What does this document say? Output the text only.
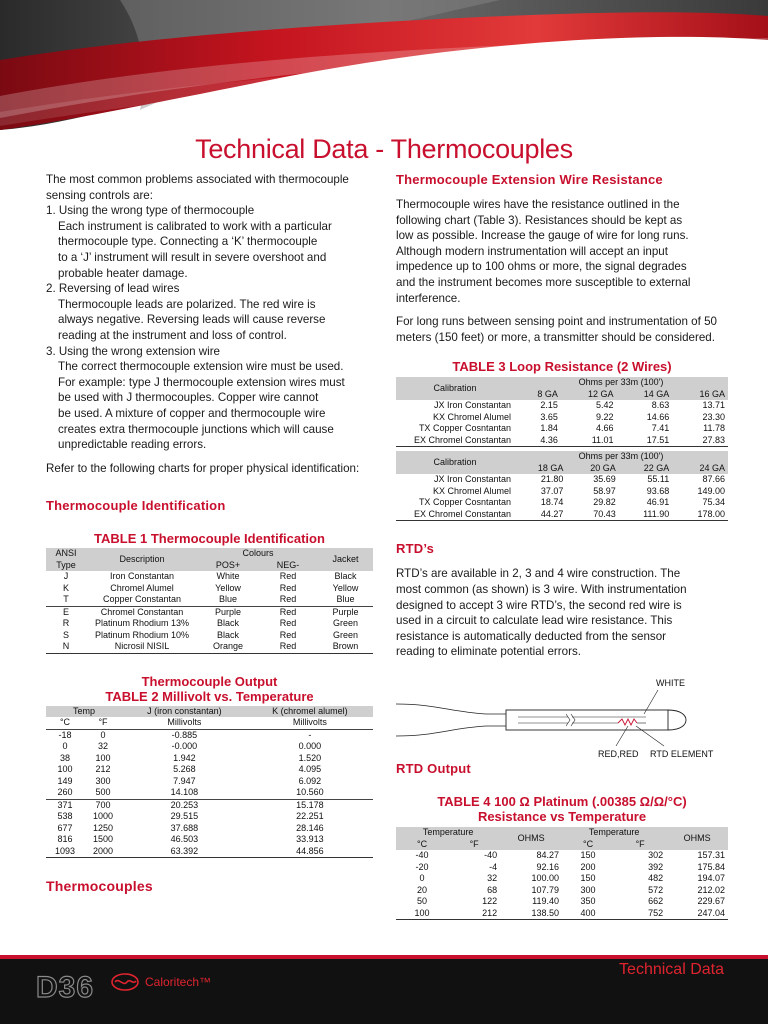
Technical Data - Thermocouples

The most common problems associated with thermocouple sensing controls are:

1. Using the wrong type of thermocouple

Each instrument is calibrated to work with a particular

thermocouple type. Connecting a ‘K’ thermocouple

to a ‘J’ instrument will result in severe overshoot and

probable heater damage.

2. Reversing of lead wires

Thermocouple leads are polarized. The red wire is

always negative. Reversing leads will cause reverse

reading at the instrument and loss of control.

3. Using the wrong extension wire

The correct thermocouple extension wire must be used.

For example: type J thermocouple extension wires must

be used with J thermocouples. Copper wire cannot

be used. A mixture of copper and thermocouple wire

creates extra thermocouple junctions which will cause

unpredictable reading errors.

Refer to the following charts for proper physical identification:

Thermocouple Identification
TABLE 1 Thermocouple Identification
ANSI	Description	Colours		Jacket
Type		POS+	NEG-	
J	Iron Constantan	White	Red	Black
K	Chromel Alumel	Yellow	Red	Yellow
T	Copper Constantan	Blue	Red	Blue
E	Chromel Constantan	Purple	Red	Purple
R	Platinum Rhodium 13%	Black	Red	Green
S	Platinum Rhodium 10%	Black	Red	Green
N	Nicrosil NISIL	Orange	Red	Brown
Thermocouple Output
TABLE 2 Millivolt vs. Temperature
Temp		J (iron constantan)	K (chromel alumel)
°C	°F	Millivolts	Millivolts
-18	0	-0.885	-
0	32	-0.000	0.000
38	100	1.942	1.520
100	212	5.268	4.095
149	300	7.947	6.092
260	500	14.108	10.560
371	700	20.253	15.178
538	1000	29.515	22.251
677	1250	37.688	28.146
816	1500	46.503	33.913
1093	2000	63.392	44.856
Thermocouples
Thermocouple Extension Wire Resistance

Thermocouple wires have the resistance outlined in the

following chart (Table 3). Resistances should be kept as

low as possible. Increase the gauge of wire for long runs.

Although modern instrumentation will accept an input

impedence up to 100 ohms or more, the signal degrades

and the instrument becomes more susceptible to external

interference.

For long runs between sensing point and instrumentation of 50

meters (150 feet) or more, a transmitter should be considered.

TABLE 3 Loop Resistance (2 Wires)
Calibration	Ohms per 33m (100')			
	8 GA	12 GA	14 GA	16 GA
JX Iron Constantan	2.15	5.42	8.63	13.71
KX Chromel Alumel	3.65	9.22	14.66	23.30
TX Copper Cosntantan	1.84	4.66	7.41	11.78
EX Chromel Constantan	4.36	11.01	17.51	27.83
Calibration	Ohms per 33m (100')			
	18 GA	20 GA	22 GA	24 GA
JX Iron Constantan	21.80	35.69	55.11	87.66
KX Chromel Alumel	37.07	58.97	93.68	149.00
TX Copper Cosntantan	18.74	29.82	46.91	75.34
EX Chromel Constantan	44.27	70.43	111.90	178.00
RTD’s

RTD’s are available in 2, 3 and 4 wire construction. The

most common (as shown) is 3 wire. With instrumentation

designed to accept 3 wire RTD’s, the second red wire is

used in a circuit to calculate lead wire resistance. This

resistance is automatically deducted from the sensor

reading to eliminate potential errors.

WHITE
RED,RED RTD ELEMENT
RTD Output
TABLE 4 100 Ω Platinum (.00385 Ω/Ω/°C)
Resistance vs Temperature
Temperature		OHMS	Temperature		OHMS
°C	°F		°C	°F	
-40	-40	84.27	150	302	157.31
-20	-4	92.16	200	392	175.84
0	32	100.00	150	482	194.07
20	68	107.79	300	572	212.02
50	122	119.40	350	662	229.67
100	212	138.50	400	752	247.04
D36	Caloritech™
Technical Data
